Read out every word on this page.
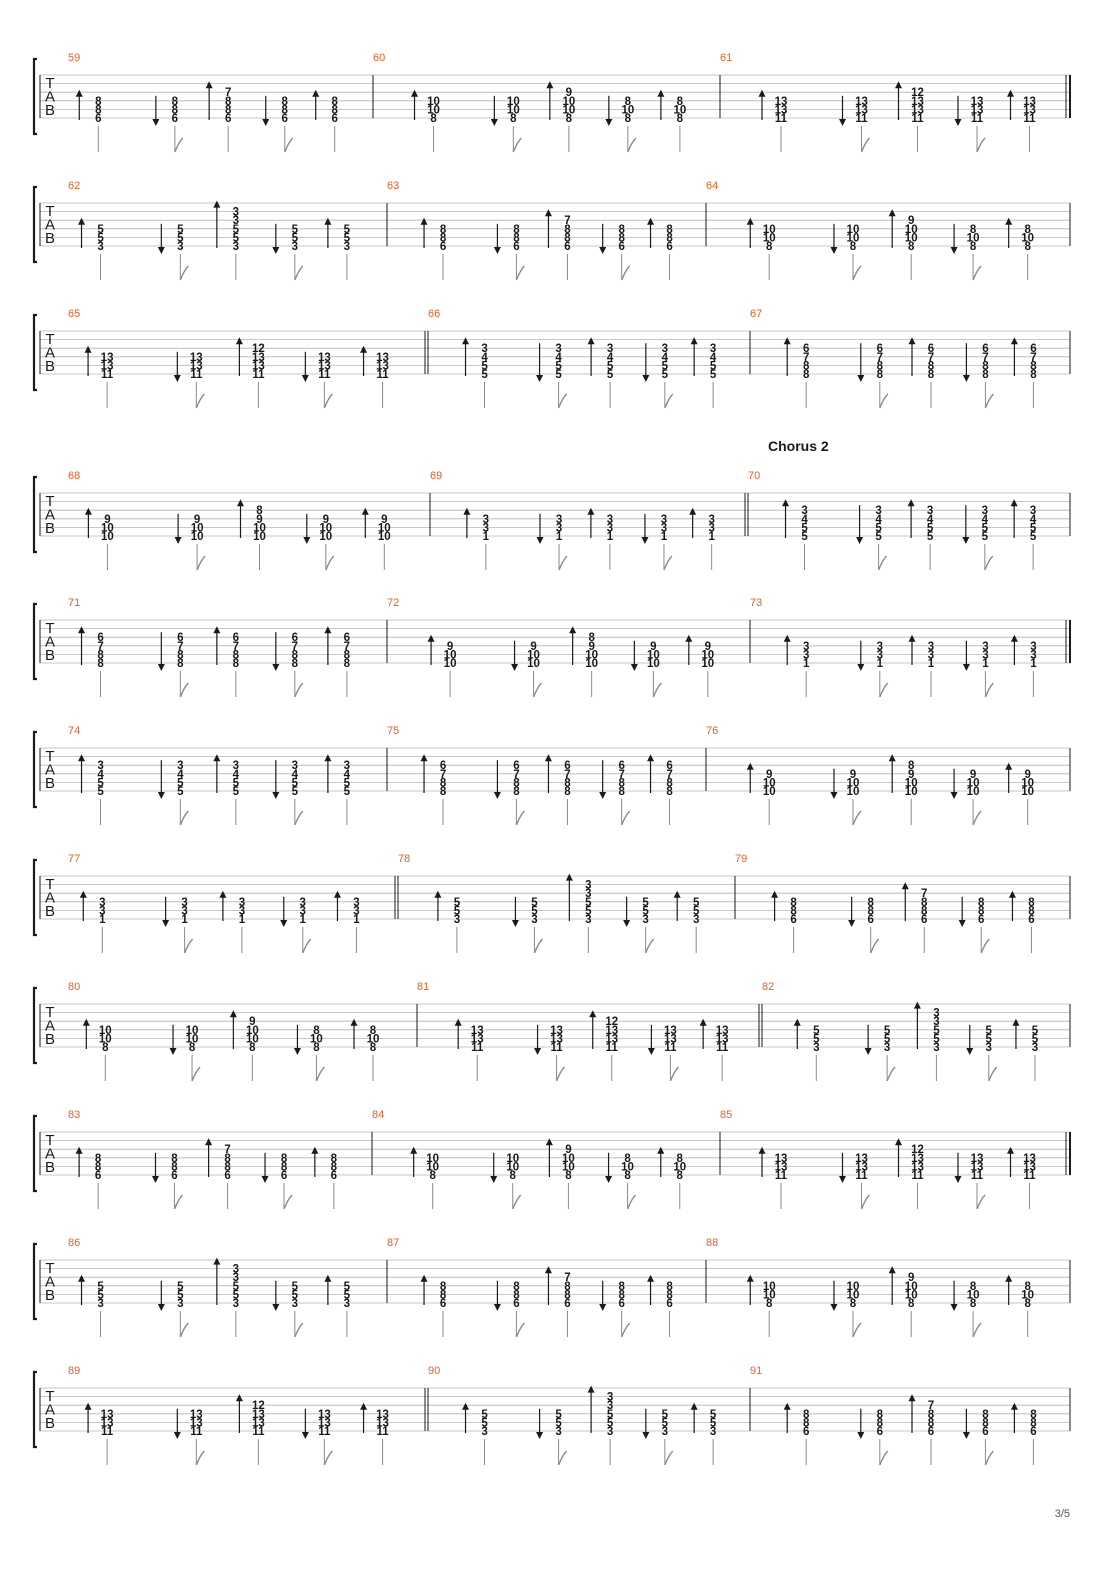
T
A
B
59
8
8
6
8
8
6
7
8
8
6
8
8
6
8
8
6
60
10
10
8
10
10
8
9
10
10
8
8
10
8
8
10
8
61
13
13
11
13
13
11
12
13
13
11
13
13
11
13
13
11
T
A
B
62
5
5
3
5
5
3
3
3
5
5
3
5
5
3
5
5
3
63
8
8
6
8
8
6
7
8
8
6
8
8
6
8
8
6
64
10
10
8
10
10
8
9
10
10
8
8
10
8
8
10
8
T
A
B
65
13
13
11
13
13
11
12
13
13
11
13
13
11
13
13
11
66
3
4
5
5
3
4
5
5
3
4
5
5
3
4
5
5
3
4
5
5
67
6
7
8
8
6
7
8
8
6
7
8
8
6
7
8
8
6
7
8
8
T
A
B
68
9
10
10
9
10
10
8
9
10
10
9
10
10
9
10
10
69
3
3
1
3
3
1
3
3
1
3
3
1
3
3
1
70
Chorus 2
3
4
5
5
3
4
5
5
3
4
5
5
3
4
5
5
3
4
5
5
T
A
B
71
6
7
8
8
6
7
8
8
6
7
8
8
6
7
8
8
6
7
8
8
72
9
10
10
9
10
10
8
9
10
10
9
10
10
9
10
10
73
3
3
1
3
3
1
3
3
1
3
3
1
3
3
1
T
A
B
74
3
4
5
5
3
4
5
5
3
4
5
5
3
4
5
5
3
4
5
5
75
6
7
8
8
6
7
8
8
6
7
8
8
6
7
8
8
6
7
8
8
76
9
10
10
9
10
10
8
9
10
10
9
10
10
9
10
10
T
A
B
77
3
3
1
3
3
1
3
3
1
3
3
1
3
3
1
78
5
5
3
5
5
3
3
3
5
5
3
5
5
3
5
5
3
79
8
8
6
8
8
6
7
8
8
6
8
8
6
8
8
6
T
A
B
80
10
10
8
10
10
8
9
10
10
8
8
10
8
8
10
8
81
13
13
11
13
13
11
12
13
13
11
13
13
11
13
13
11
82
5
5
3
5
5
3
3
3
5
5
3
5
5
3
5
5
3
T
A
B
83
8
8
6
8
8
6
7
8
8
6
8
8
6
8
8
6
84
10
10
8
10
10
8
9
10
10
8
8
10
8
8
10
8
85
13
13
11
13
13
11
12
13
13
11
13
13
11
13
13
11
T
A
B
86
5
5
3
5
5
3
3
3
5
5
3
5
5
3
5
5
3
87
8
8
6
8
8
6
7
8
8
6
8
8
6
8
8
6
88
10
10
8
10
10
8
9
10
10
8
8
10
8
8
10
8
T
A
B
89
13
13
11
13
13
11
12
13
13
11
13
13
11
13
13
11
90
5
5
3
5
5
3
3
3
5
5
3
5
5
3
5
5
3
91
8
8
6
8
8
6
7
8
8
6
8
8
6
8
8
6
3/5
